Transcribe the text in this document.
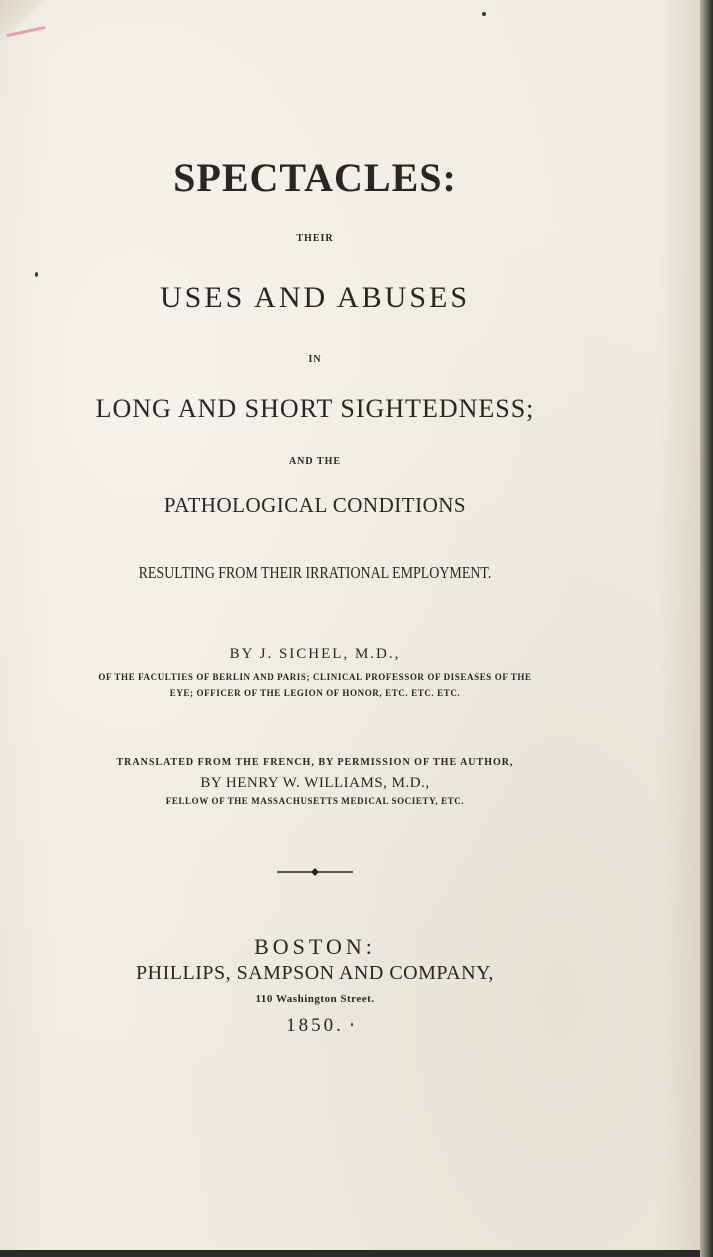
SPECTACLES:
THEIR
USES AND ABUSES
IN
LONG AND SHORT SIGHTEDNESS;
AND THE
PATHOLOGICAL CONDITIONS
RESULTING FROM THEIR IRRATIONAL EMPLOYMENT.
BY J. SICHEL, M.D.,
OF THE FACULTIES OF BERLIN AND PARIS; CLINICAL PROFESSOR OF DISEASES OF THE
EYE; OFFICER OF THE LEGION OF HONOR, ETC. ETC. ETC.
TRANSLATED FROM THE FRENCH, BY PERMISSION OF THE AUTHOR,
BY HENRY W. WILLIAMS, M.D.,
FELLOW OF THE MASSACHUSETTS MEDICAL SOCIETY, ETC.
BOSTON:
PHILLIPS, SAMPSON AND COMPANY,
110 Washington Street.
1850.
